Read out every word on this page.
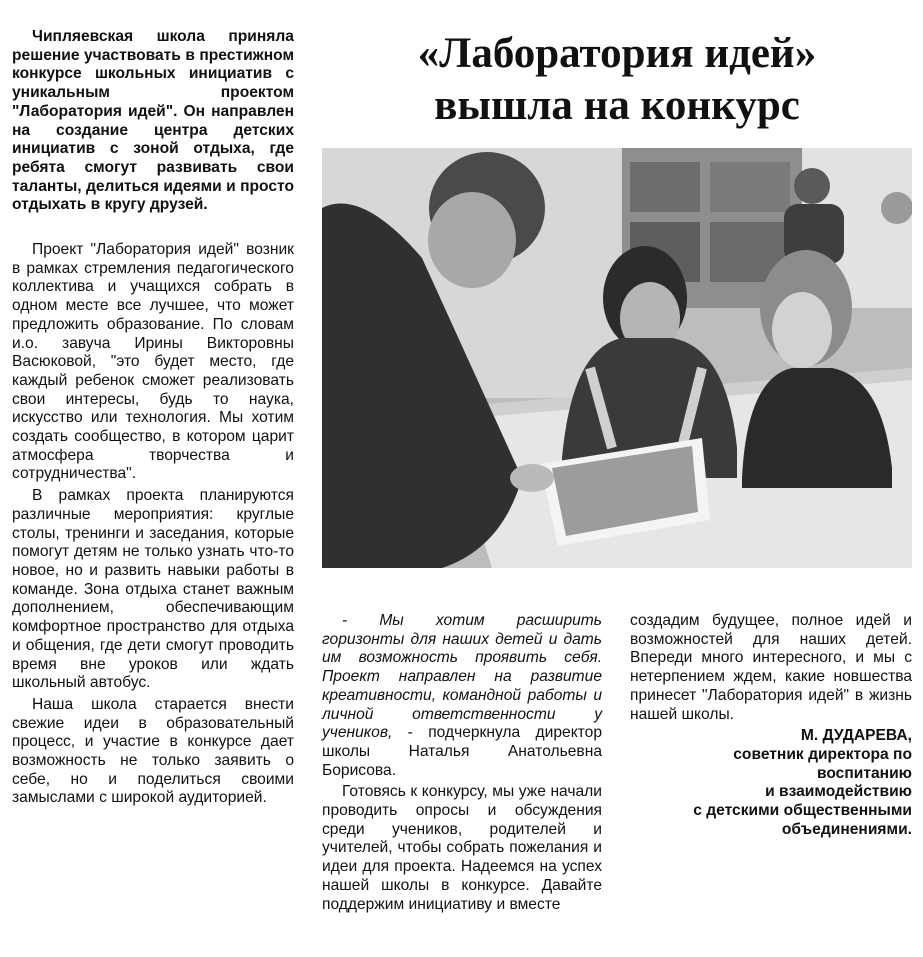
Чипляевская школа приняла решение участвовать в престижном конкурсе школьных инициатив с уникальным проектом "Лаборатория идей". Он направлен на создание центра детских инициатив с зоной отдыха, где ребята смогут развивать свои таланты, делиться идеями и просто отдыхать в кругу друзей.

Проект "Лаборатория идей" возник в рамках стремления педагогического коллектива и учащихся собрать в одном месте все лучшее, что может предложить образование. По словам и.о. завуча Ирины Викторовны Васюковой, "это будет место, где каждый ребенок сможет реализовать свои интересы, будь то наука, искусство или технология. Мы хотим создать сообщество, в котором царит атмосфера творчества и сотрудничества".

В рамках проекта планируются различные мероприятия: круглые столы, тренинги и заседания, которые помогут детям не только узнать что-то новое, но и развить навыки работы в команде. Зона отдыха станет важным дополнением, обеспечивающим комфортное пространство для отдыха и общения, где дети смогут проводить время вне уроков или ждать школьный автобус.

Наша школа старается внести свежие идеи в образовательный процесс, и участие в конкурсе дает возможность не только заявить о себе, но и поделиться своими замыслами с широкой аудиторией.

«Лаборатория идей»
вышла на конкурс

- Мы хотим расширить горизонты для наших детей и дать им возможность проявить себя. Проект направлен на развитие креативности, командной работы и личной ответственности у учеников, - подчеркнула директор школы Наталья Анатольевна Борисова.

Готовясь к конкурсу, мы уже начали проводить опросы и обсуждения среди учеников, родителей и учителей, чтобы собрать пожелания и идеи для проекта. Надеемся на успех нашей школы в конкурсе. Давайте поддержим инициативу и вместе

создадим будущее, полное идей и возможностей для наших детей. Впереди много интересного, и мы с нетерпением ждем, какие новшества принесет "Лаборатория идей" в жизнь нашей школы.

М. ДУДАРЕВА,
советник директора по
воспитанию
и взаимодействию
с детскими общественными
объединениями.
